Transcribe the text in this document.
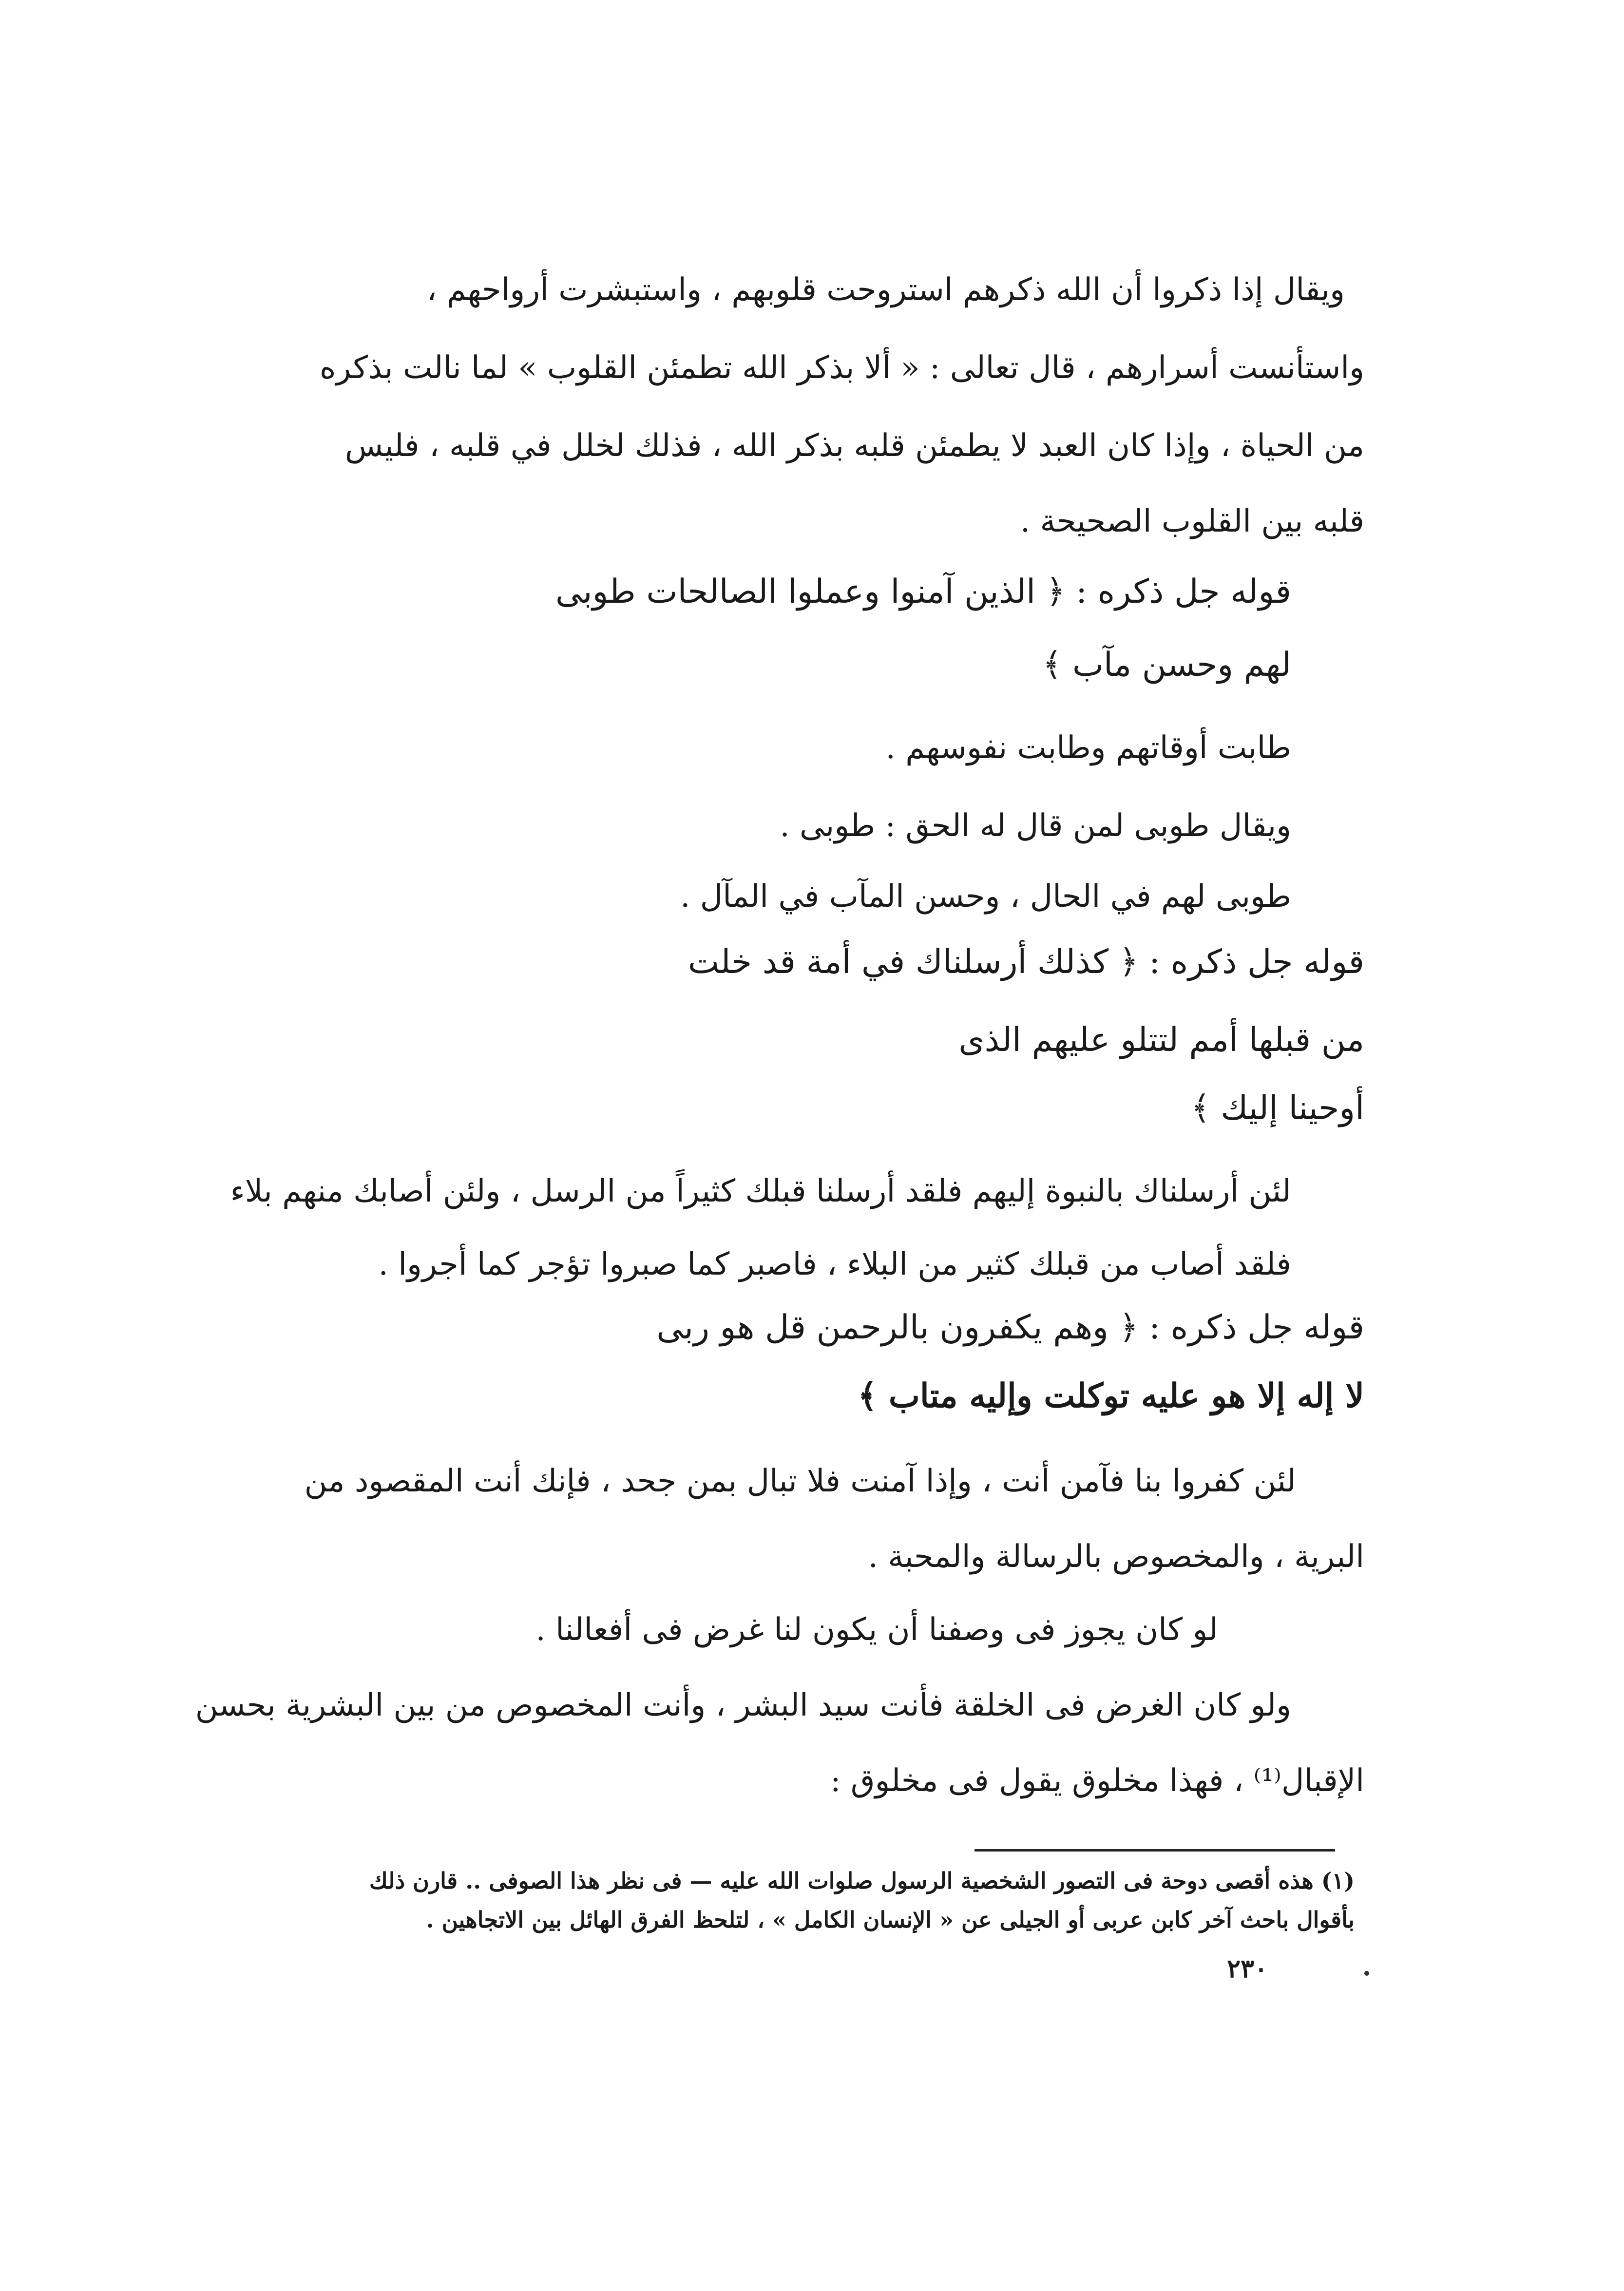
ويقال إذا ذكروا أن الله ذكرهم استروحت قلوبهم ، واستبشرت أرواحهم ،
واستأنست أسرارهم ، قال تعالى : « ألا بذكر الله تطمئن القلوب » لما نالت بذكره
من الحياة ، وإذا كان العبد لا يطمئن قلبه بذكر الله ، فذلك لخلل في قلبه ، فليس
قلبه بين القلوب الصحيحة .
قوله جل ذكره : ﴿ الذين آمنوا وعملوا الصالحات طوبى
لهم وحسن مآب ﴾
طابت أوقاتهم وطابت نفوسهم .
ويقال طوبى لمن قال له الحق : طوبى .
طوبى لهم في الحال ، وحسن المآب في المآل .
قوله جل ذكره : ﴿ كذلك أرسلناك في أمة قد خلت
من قبلها أمم لتتلو عليهم الذى
أوحينا إليك ﴾
لئن أرسلناك بالنبوة إليهم فلقد أرسلنا قبلك كثيراً من الرسل ، ولئن أصابك منهم بلاء
فلقد أصاب من قبلك كثير من البلاء ، فاصبر كما صبروا تؤجر كما أجروا .
قوله جل ذكره : ﴿ وهم يكفرون بالرحمن قل هو ربى
لا إله إلا هو عليه توكلت وإليه متاب ﴾
لئن كفروا بنا فآمن أنت ، وإذا آمنت فلا تبال بمن جحد ، فإنك أنت المقصود من
البرية ، والمخصوص بالرسالة والمحبة .
لو كان يجوز فى وصفنا أن يكون لنا غرض فى أفعالنا .
ولو كان الغرض فى الخلقة فأنت سيد البشر ، وأنت المخصوص من بين البشرية بحسن
الإقبال⁽¹⁾ ، فهذا مخلوق يقول فى مخلوق :
(١) هذه أقصى دوحة فى التصور الشخصية الرسول صلوات الله عليه — فى نظر هذا الصوفى .. قارن ذلك
بأقوال باحث آخر كابن عربى أو الجيلى عن « الإنسان الكامل » ، لتلحظ الفرق الهائل بين الاتجاهين .
٢٣٠
